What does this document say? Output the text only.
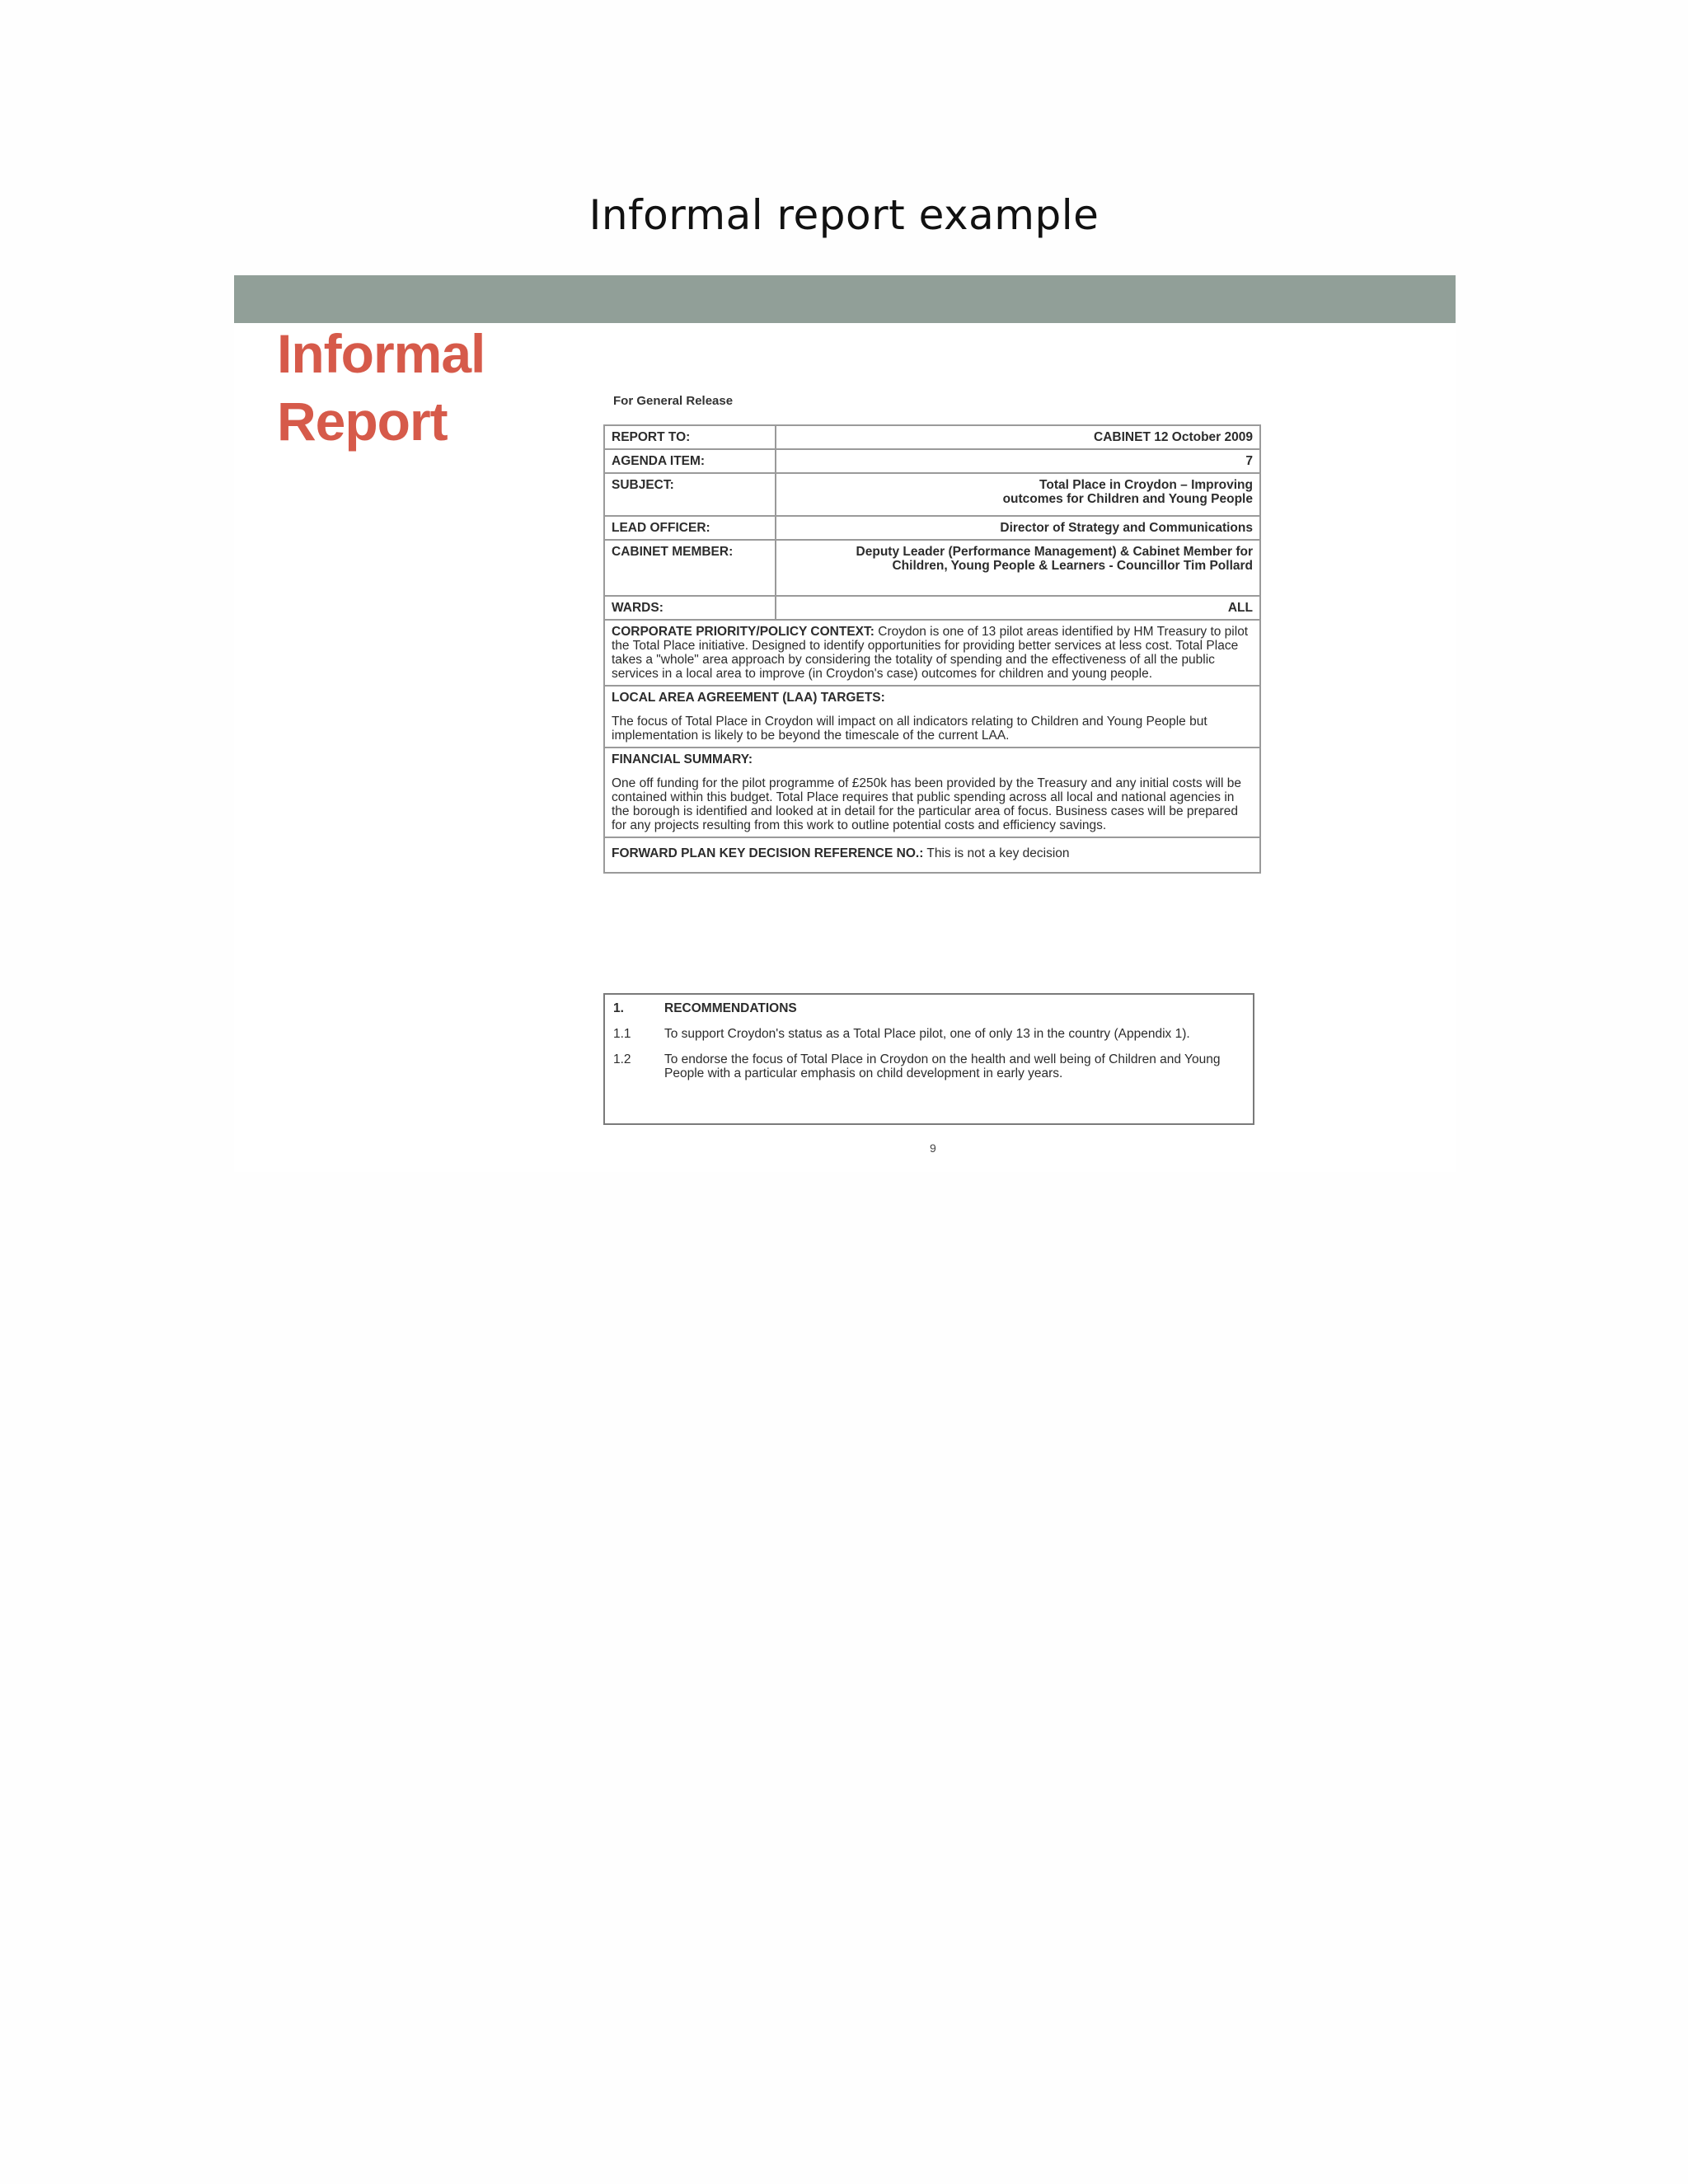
Informal report example
Informal
Report	For General Release
REPORT TO:	CABINET 12 October 2009
AGENDA ITEM:	7
SUBJECT:	Total Place in Croydon – Improving outcomes for Children and Young People
LEAD OFFICER:	Director of Strategy and Communications
CABINET MEMBER:	Deputy Leader (Performance Management) & Cabinet Member for Children, Young People & Learners - Councillor Tim Pollard
WARDS:	ALL
CORPORATE PRIORITY/POLICY CONTEXT: Croydon is one of 13 pilot areas identified by HM Treasury to pilot the Total Place initiative. Designed to identify opportunities for providing better services at less cost. Total Place takes a "whole" area approach by considering the totality of spending and the effectiveness of all the public services in a local area to improve (in Croydon's case) outcomes for children and young people.	

LOCAL AREA AGREEMENT (LAA) TARGETS:
The focus of Total Place in Croydon will impact on all indicators relating to Children and Young People but implementation is likely to be beyond the timescale of the current LAA.	

FINANCIAL SUMMARY:
One off funding for the pilot programme of £250k has been provided by the Treasury and any initial costs will be contained within this budget. Total Place requires that public spending across all local and national agencies in the borough is identified and looked at in detail for the particular area of focus. Business cases will be prepared for any projects resulting from this work to outline potential costs and efficiency savings.	
FORWARD PLAN KEY DECISION REFERENCE NO.: This is not a key decision	
1.	RECOMMENDATIONS
1.1	To support Croydon's status as a Total Place pilot, one of only 13 in the country (Appendix 1).
1.2	To endorse the focus of Total Place in Croydon on the health and well being of Children and Young People with a particular emphasis on child development in early years.
9
